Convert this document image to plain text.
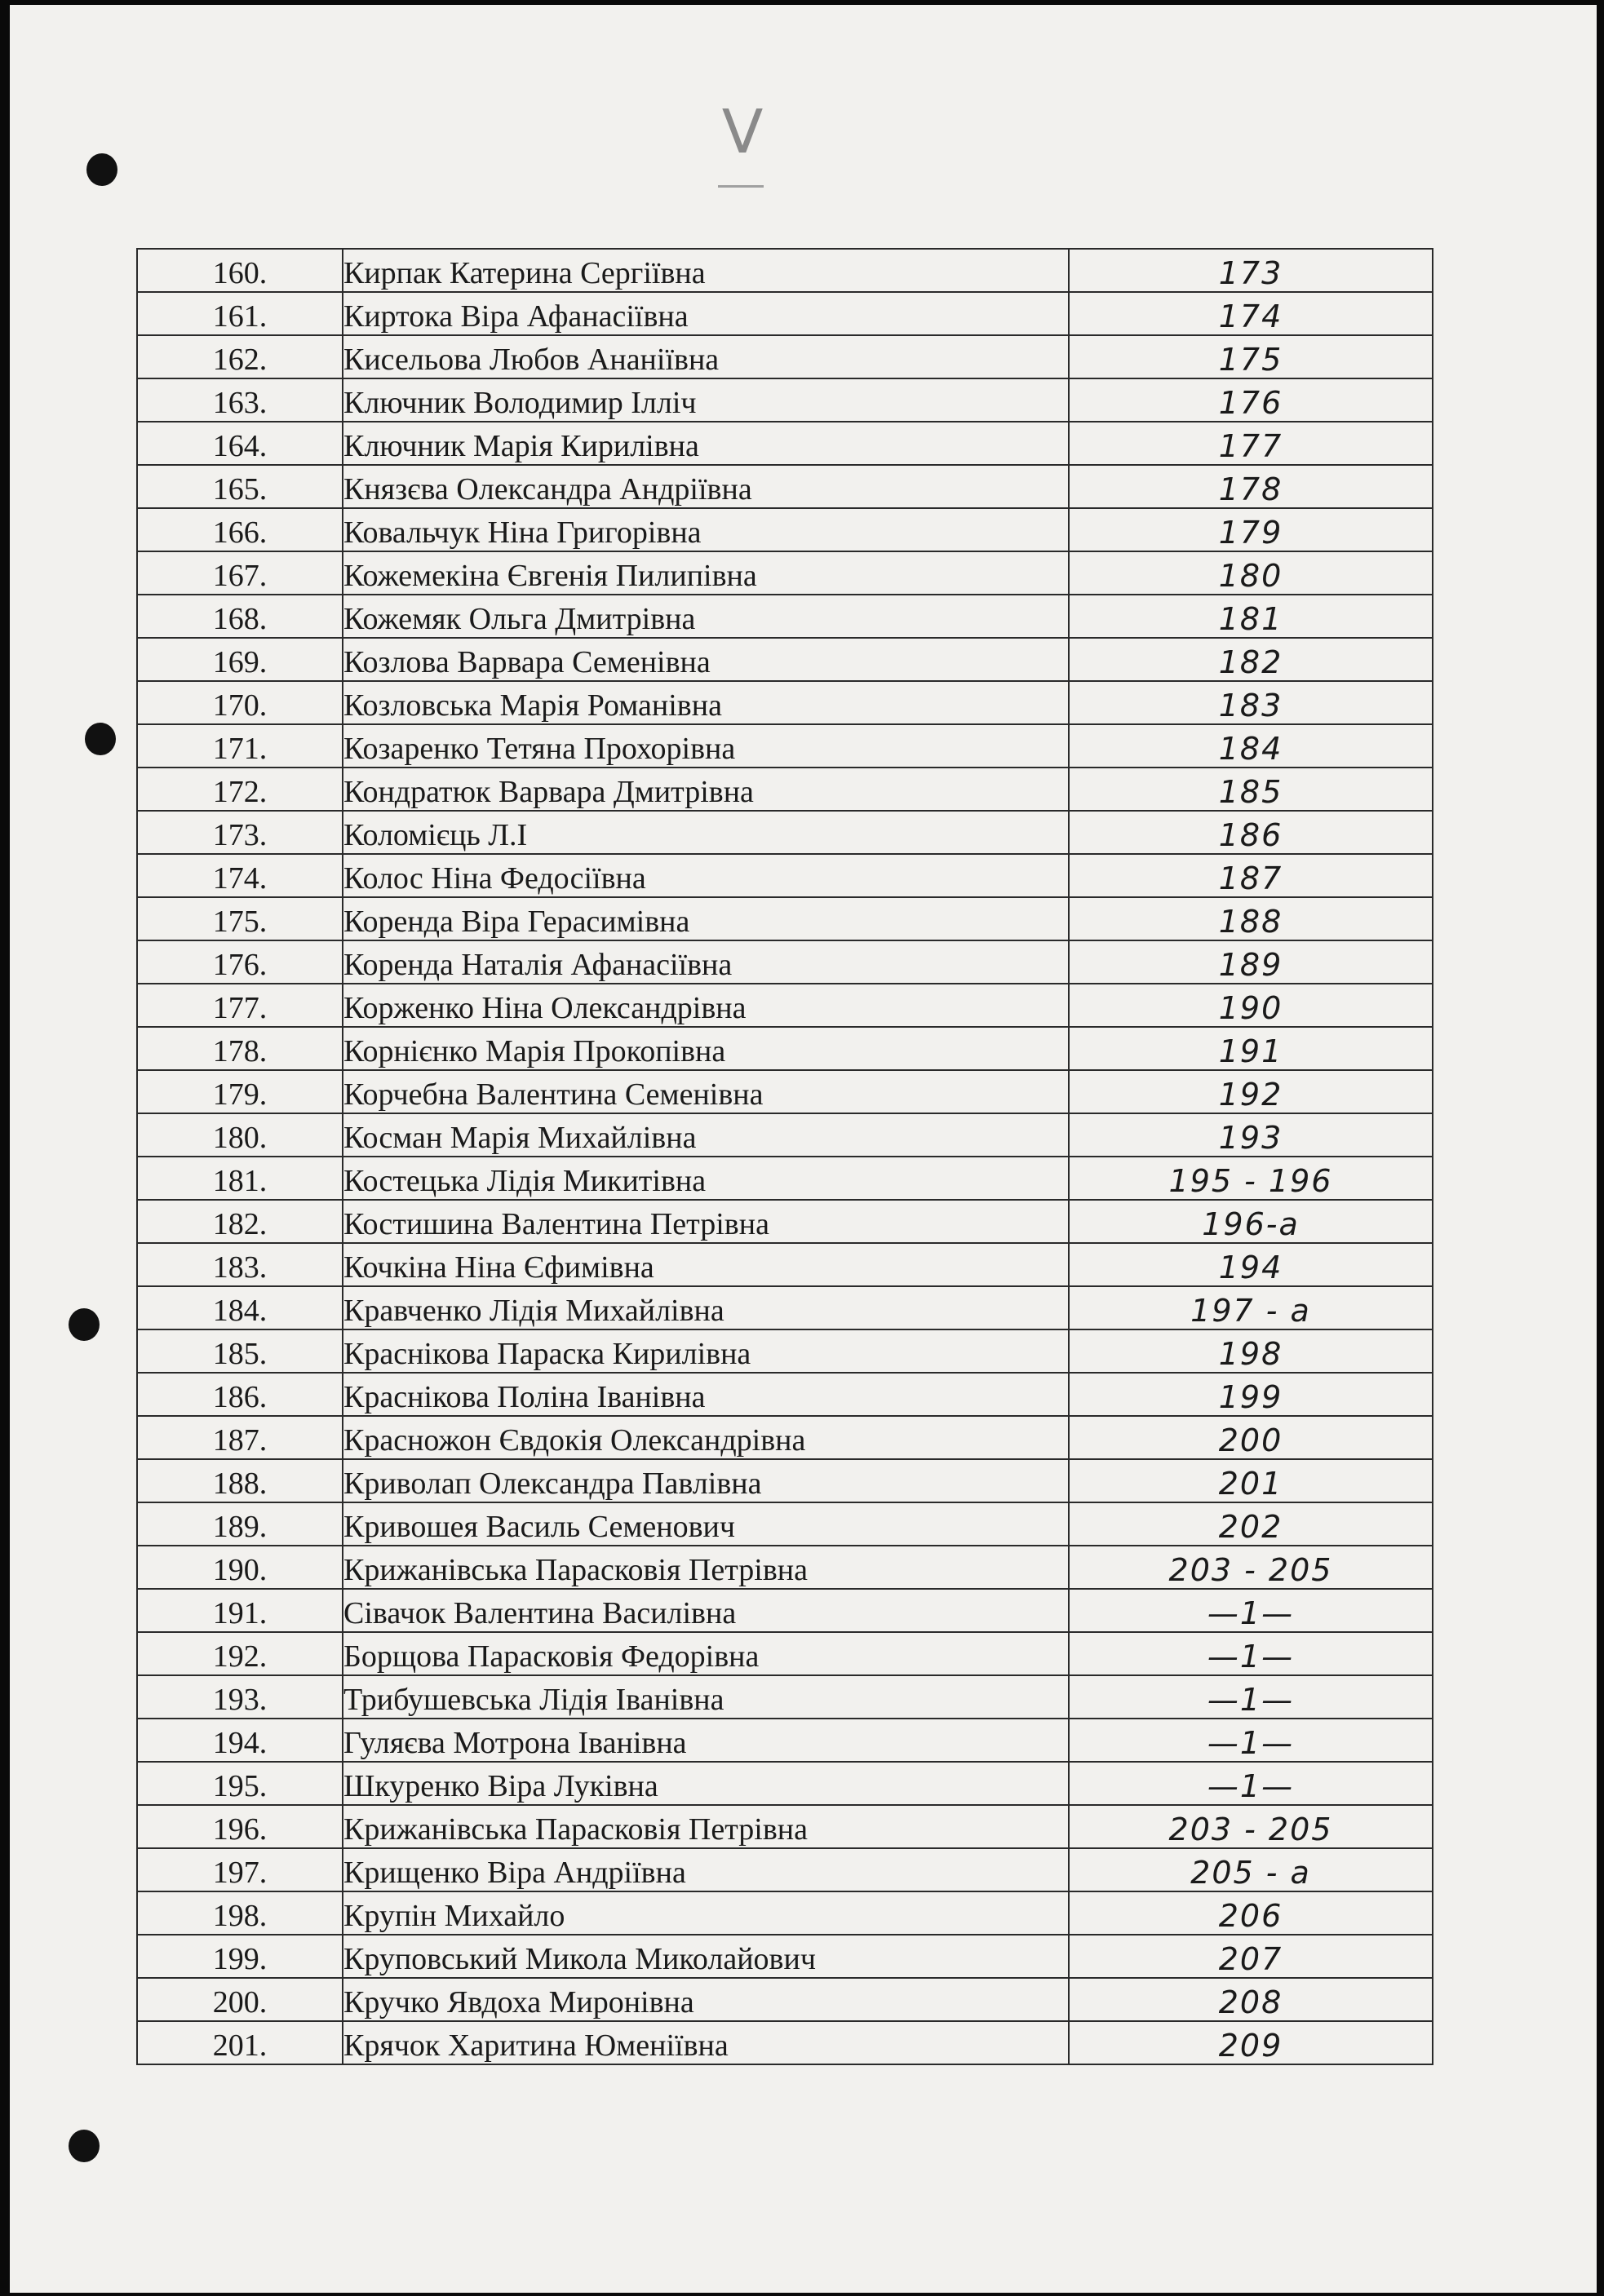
V
160.	Кирпак Катерина Сергіївна	173
161.	Киртока Віра Афанасіївна	174
162.	Кисельова Любов Ананіївна	175
163.	Ключник Володимир Ілліч	176
164.	Ключник Марія Кирилівна	177
165.	Князєва Олександра Андріївна	178
166.	Ковальчук Ніна Григорівна	179
167.	Кожемекіна Євгенія Пилипівна	180
168.	Кожемяк Ольга Дмитрівна	181
169.	Козлова Варвара Семенівна	182
170.	Козловська Марія Романівна	183
171.	Козаренко Тетяна Прохорівна	184
172.	Кондратюк Варвара Дмитрівна	185
173.	Коломієць Л.І	186
174.	Колос Ніна Федосіївна	187
175.	Коренда Віра Герасимівна	188
176.	Коренда Наталія Афанасіївна	189
177.	Корженко Ніна Олександрівна	190
178.	Корнієнко Марія Прокопівна	191
179.	Корчебна Валентина Семенівна	192
180.	Косман Марія Михайлівна	193
181.	Костецька Лідія Микитівна	195 - 196
182.	Костишина Валентина Петрівна	196-а
183.	Кочкіна Ніна Єфимівна	194
184.	Кравченко Лідія Михайлівна	197 - а
185.	Краснікова Параска Кирилівна	198
186.	Краснікова Поліна Іванівна	199
187.	Красножон Євдокія Олександрівна	200
188.	Криволап Олександра Павлівна	201
189.	Кривошея Василь Семенович	202
190.	Крижанівська Парасковія Петрівна	203 - 205
191.	Сівачок Валентина Василівна	—1—
192.	Борщова Парасковія Федорівна	—1—
193.	Трибушевська Лідія Іванівна	—1—
194.	Гуляєва Мотрона Іванівна	—1—
195.	Шкуренко Віра Луківна	—1—
196.	Крижанівська Парасковія Петрівна	203 - 205
197.	Крищенко Віра Андріївна	205 - а
198.	Крупін Михайло	206
199.	Круповський Микола Миколайович	207
200.	Кручко Явдоха Миронівна	208
201.	Крячок Харитина Юменіївна	209
